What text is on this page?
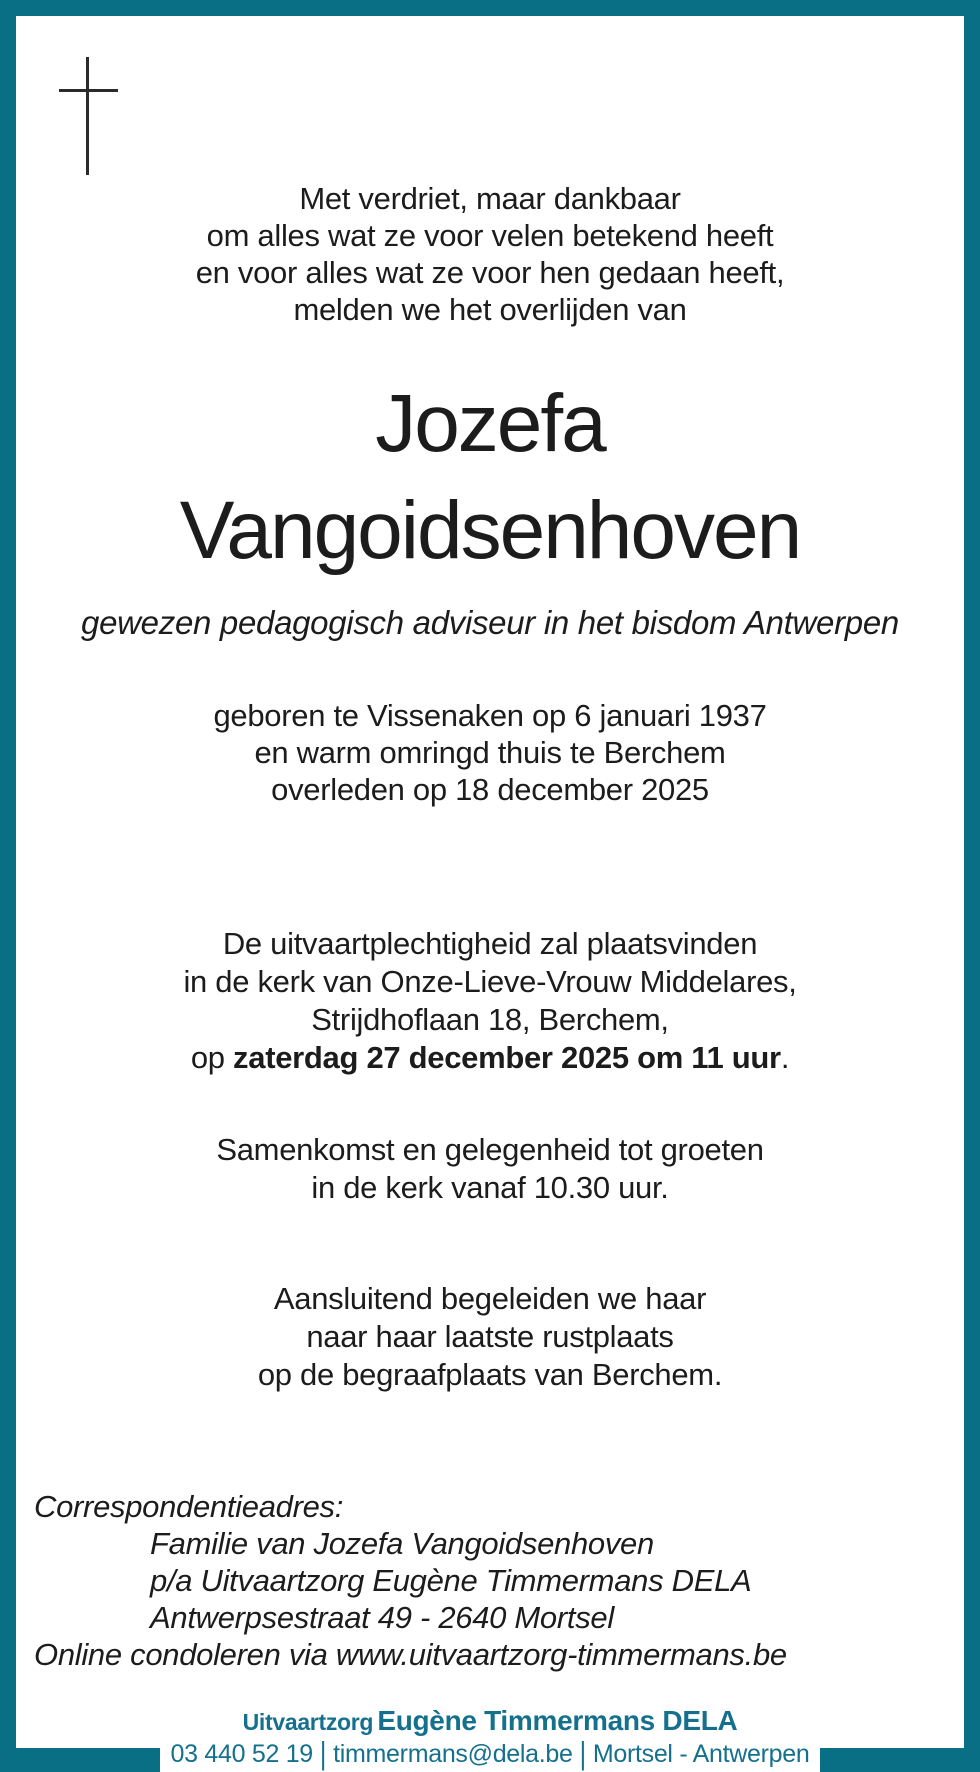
Met verdriet, maar dankbaar
om alles wat ze voor velen betekend heeft
en voor alles wat ze voor hen gedaan heeft,
melden we het overlijden van
Jozefa
Vangoidsenhoven
gewezen pedagogisch adviseur in het bisdom Antwerpen
geboren te Vissenaken op 6 januari 1937
en warm omringd thuis te Berchem
overleden op 18 december 2025
De uitvaartplechtigheid zal plaatsvinden
in de kerk van Onze-Lieve-Vrouw Middelares,
Strijdhoflaan 18, Berchem,
op zaterdag 27 december 2025 om 11 uur.
Samenkomst en gelegenheid tot groeten
in de kerk vanaf 10.30 uur.
Aansluitend begeleiden we haar
naar haar laatste rustplaats
op de begraafplaats van Berchem.
Correspondentieadres:
Familie van Jozefa Vangoidsenhoven
p/a Uitvaartzorg Eugène Timmermans DELA
Antwerpsestraat 49 - 2640 Mortsel
Online condoleren via www.uitvaartzorg-timmermans.be
Uitvaartzorg Eugène Timmermans DELA
03 440 52 19 | timmermans@dela.be | Mortsel - Antwerpen
